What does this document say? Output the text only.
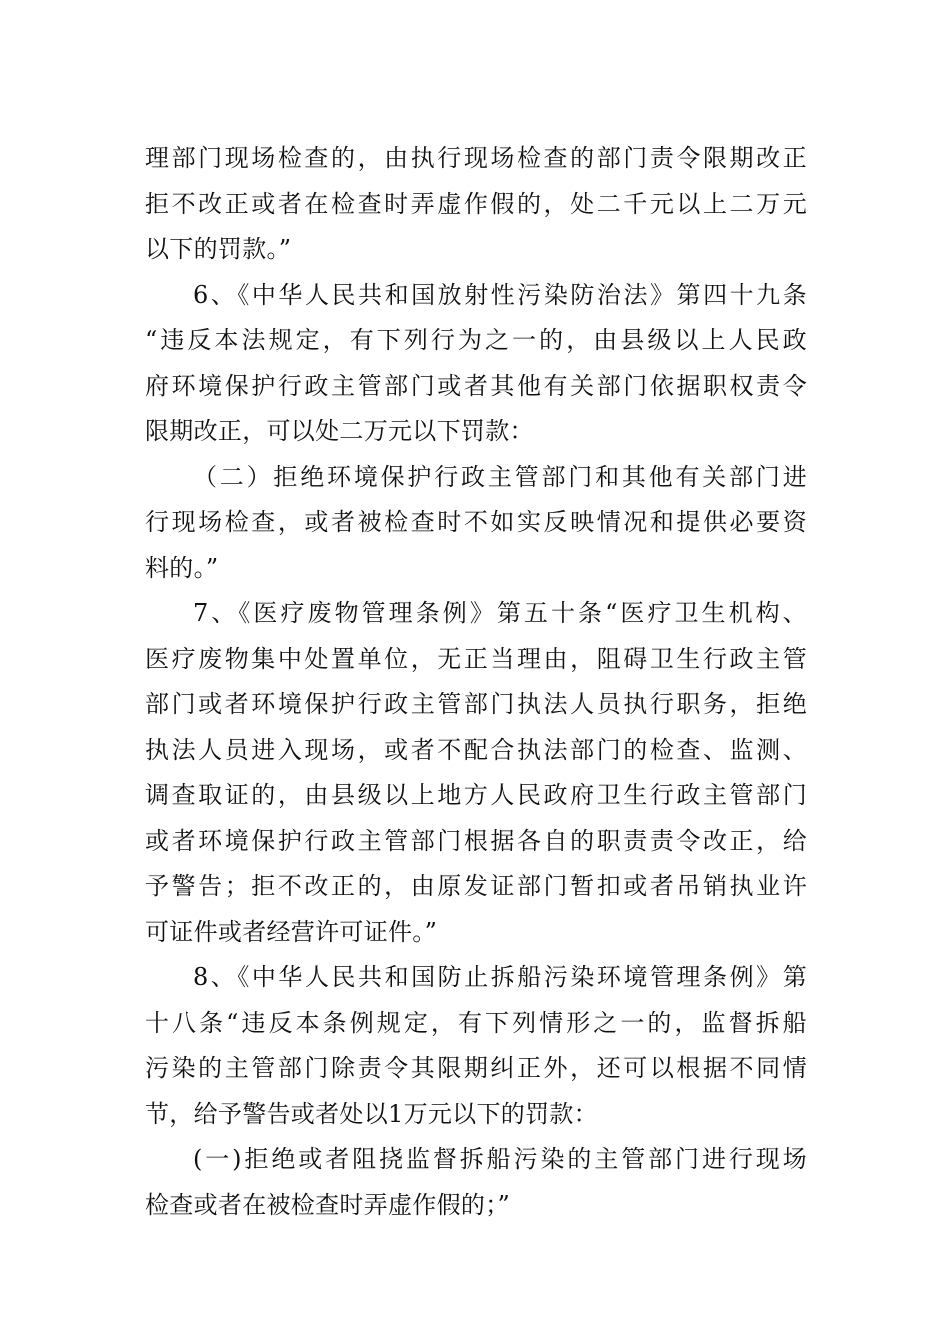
理部门现场检查的，由执行现场检查的部门责令限期改正
拒不改正或者在检查时弄虚作假的，处二千元以上二万元
以下的罚款。”
6、《中华人民共和国放射性污染防治法》第四十九条
“违反本法规定，有下列行为之一的，由县级以上人民政
府环境保护行政主管部门或者其他有关部门依据职权责令
限期改正，可以处二万元以下罚款：
（二）拒绝环境保护行政主管部门和其他有关部门进
行现场检查，或者被检查时不如实反映情况和提供必要资
料的。”
7、《医疗废物管理条例》第五十条“医疗卫生机构、
医疗废物集中处置单位，无正当理由，阻碍卫生行政主管
部门或者环境保护行政主管部门执法人员执行职务，拒绝
执法人员进入现场，或者不配合执法部门的检查、监测、
调查取证的，由县级以上地方人民政府卫生行政主管部门
或者环境保护行政主管部门根据各自的职责责令改正，给
予警告；拒不改正的，由原发证部门暂扣或者吊销执业许
可证件或者经营许可证件。”
8、《中华人民共和国防止拆船污染环境管理条例》第
十八条“违反本条例规定，有下列情形之一的，监督拆船
污染的主管部门除责令其限期纠正外，还可以根据不同情
节，给予警告或者处以1万元以下的罚款：
(一)拒绝或者阻挠监督拆船污染的主管部门进行现场
检查或者在被检查时弄虚作假的；”
